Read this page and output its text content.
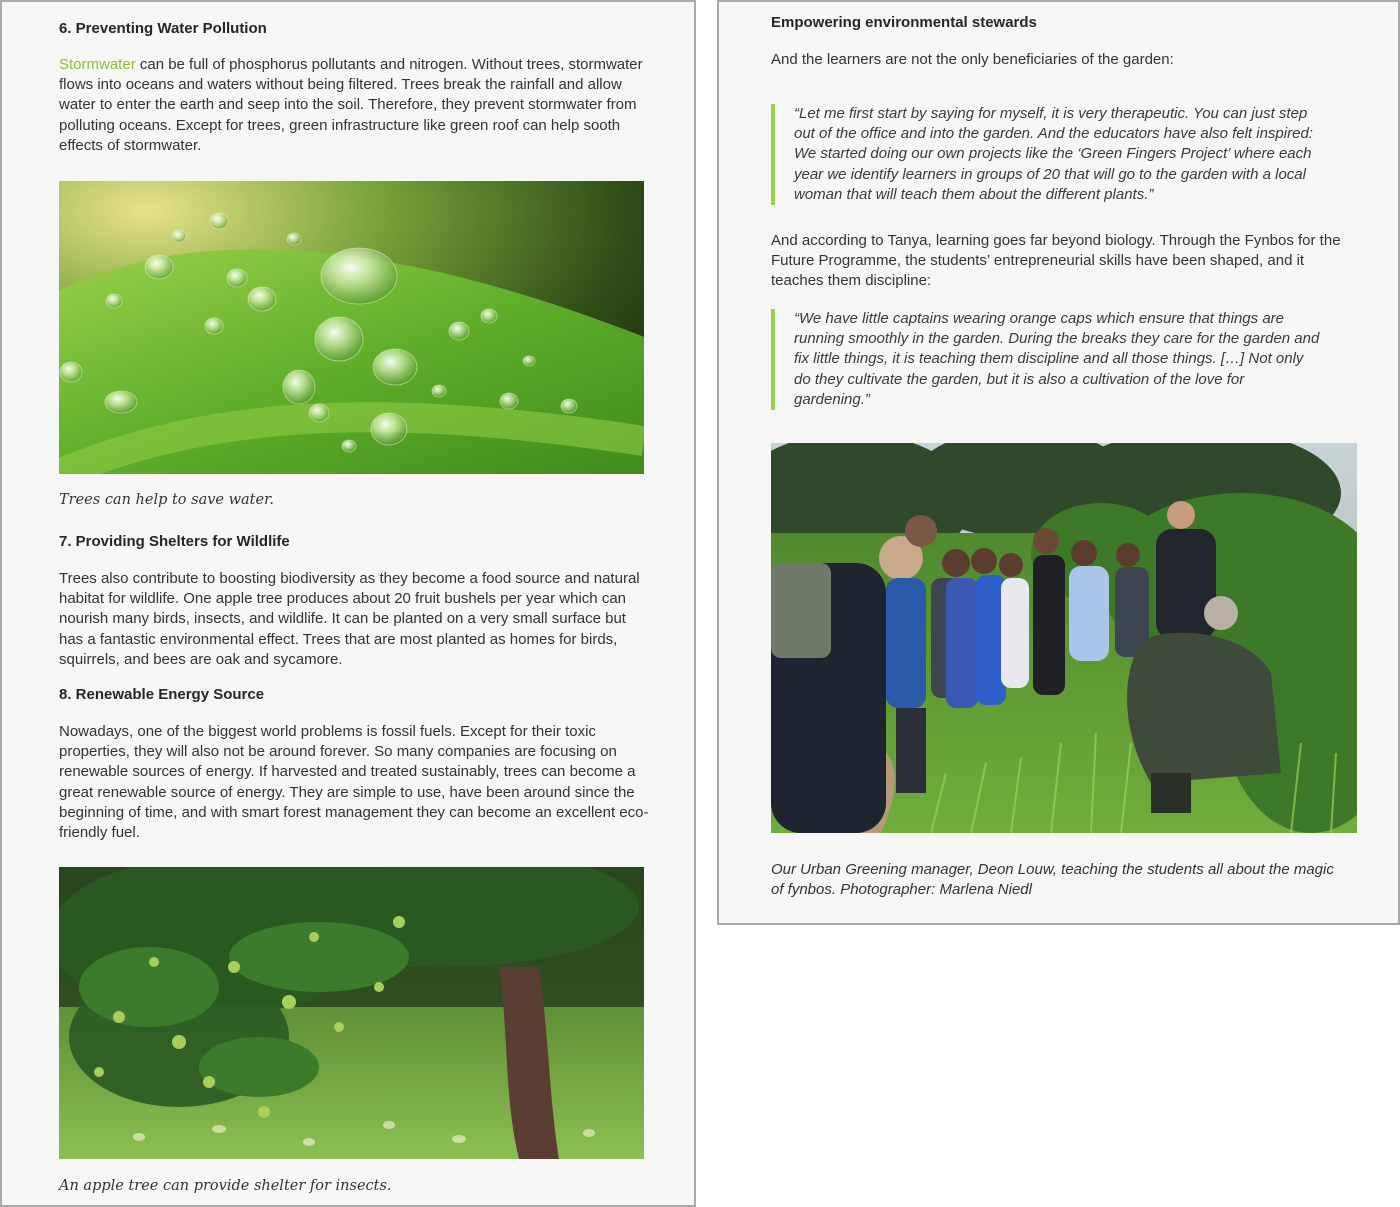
6. Preventing Water Pollution

Stormwater can be full of phosphorus pollutants and nitrogen. Without trees, stormwater flows into oceans and waters without being filtered. Trees break the rainfall and allow water to enter the earth and seep into the soil. Therefore, they prevent stormwater from polluting oceans. Except for trees, green infrastructure like green roof can help sooth effects of stormwater.

Trees can help to save water.

7. Providing Shelters for Wildlife

Trees also contribute to boosting biodiversity as they become a food source and natural habitat for wildlife. One apple tree produces about 20 fruit bushels per year which can nourish many birds, insects, and wildlife. It can be planted on a very small surface but has a fantastic environmental effect. Trees that are most planted as homes for birds, squirrels, and bees are oak and sycamore.

8. Renewable Energy Source

Nowadays, one of the biggest world problems is fossil fuels. Except for their toxic properties, they will also not be around forever. So many companies are focusing on renewable sources of energy. If harvested and treated sustainably, trees can become a great renewable source of energy. They are simple to use, have been around since the beginning of time, and with smart forest management they can become an excellent eco-friendly fuel.

An apple tree can provide shelter for insects.

Empowering environmental stewards

And the learners are not the only beneficiaries of the garden:

“Let me first start by saying for myself, it is very therapeutic. You can just step out of the office and into the garden. And the educators have also felt inspired: We started doing our own projects like the ‘Green Fingers Project’ where each year we identify learners in groups of 20 that will go to the garden with a local woman that will teach them about the different plants.”

And according to Tanya, learning goes far beyond biology. Through the Fynbos for the Future Programme, the students’ entrepreneurial skills have been shaped, and it teaches them discipline:

“We have little captains wearing orange caps which ensure that things are running smoothly in the garden. During the breaks they care for the garden and fix little things, it is teaching them discipline and all those things. […] Not only do they cultivate the garden, but it is also a cultivation of the love for gardening.”

Our Urban Greening manager, Deon Louw, teaching the students all about the magic of fynbos. Photographer: Marlena Niedl
